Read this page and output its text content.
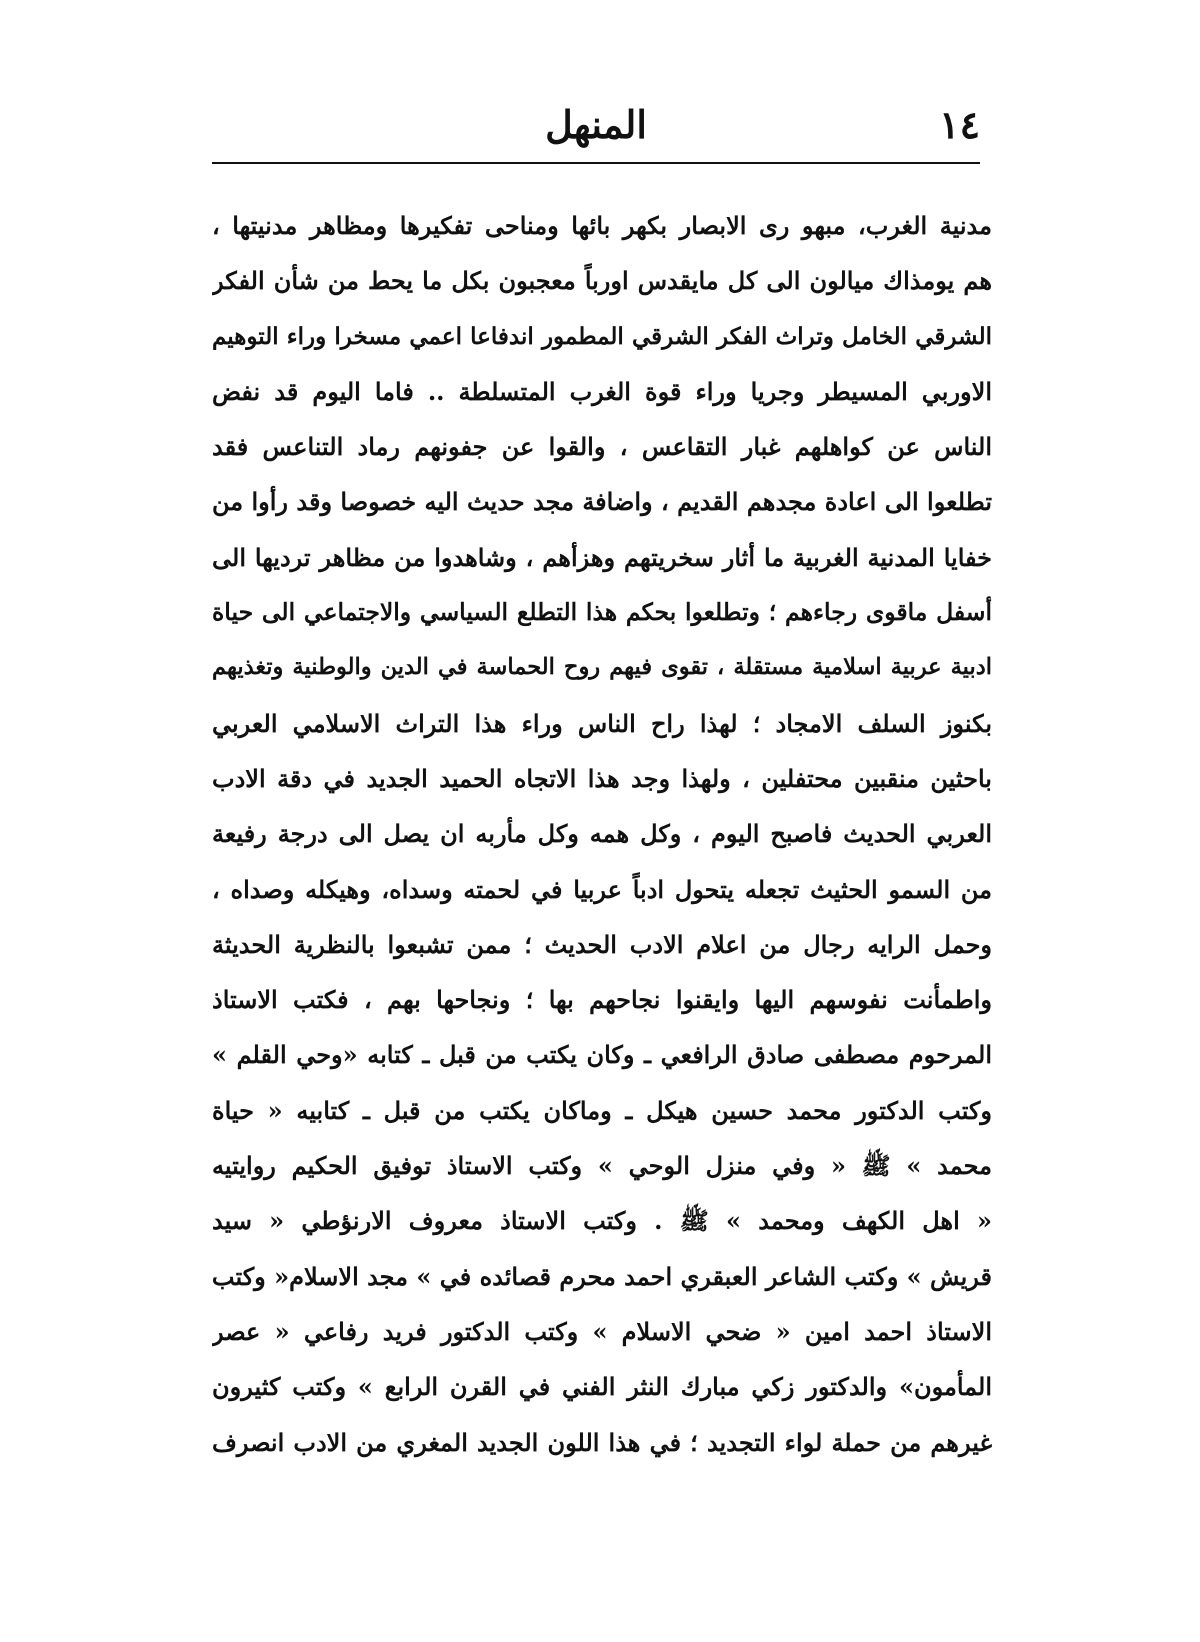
١٤
المنهل
مدنية الغرب، مبهو ری الابصار بکهر بائها ومناحی تفکیرها ومظاهر مدنیتها ،
هم يومذاك ميالون الى كل مايقدس اورباً معجبون بكل ما يحط من شأن الفكر
الشرقي الخامل وتراث الفكر الشرقي المطمور اندفاعا اعمي مسخرا وراء التوهيم
الاوربي المسيطر وجريا وراء قوة الغرب المتسلطة .. فاما اليوم قد نفض
الناس عن كواهلهم غبار التقاعس ، والقوا عن جفونهم رماد التناعس فقد
تطلعوا الى اعادة مجدهم القديم ، واضافة مجد حديث اليه خصوصا وقد رأوا من
خفايا المدنية الغربية ما أثار سخريتهم وهزأهم ، وشاهدوا من مظاهر ترديها الى
أسفل ماقوى رجاءهم ؛ وتطلعوا بحكم هذا التطلع السياسي والاجتماعي الى حياة
ادبية عربية اسلامية مستقلة ، تقوى فيهم روح الحماسة في الدين والوطنية وتغذيهم
بكنوز السلف الامجاد ؛ لهذا راح الناس وراء هذا التراث الاسلامي العربي
باحثين منقبين محتفلين ، ولهذا وجد هذا الاتجاه الحميد الجديد في دقة الادب
العربي الحديث فاصبح اليوم ، وكل همه وكل مأربه ان يصل الى درجة رفيعة
من السمو الحثيث تجعله يتحول ادباً عربيا في لحمته وسداه، وهيكله وصداه ،
وحمل الرايه رجال من اعلام الادب الحديث ؛ ممن تشبعوا بالنظرية الحديثة
واطمأنت نفوسهم اليها وايقنوا نجاحهم بها ؛ ونجاحها بهم ، فكتب الاستاذ
المرحوم مصطفى صادق الرافعي ـ وكان يكتب من قبل ـ كتابه «وحي القلم »
وكتب الدكتور محمد حسين هيكل ـ وماكان يكتب من قبل ـ كتابيه « حياة
محمد » ﷺ « وفي منزل الوحي » وكتب الاستاذ توفيق الحكيم روايتيه
« اهل الكهف ومحمد » ﷺ . وكتب الاستاذ معروف الارنؤطي « سيد
قريش » وكتب الشاعر العبقري احمد محرم قصائده في » مجد الاسلام« وكتب
الاستاذ احمد امين « ضحي الاسلام » وكتب الدكتور فريد رفاعي « عصر
المأمون» والدكتور زكي مبارك النثر الفني في القرن الرابع » وكتب كثيرون
غيرهم من حملة لواء التجديد ؛ في هذا اللون الجديد المغري من الادب انصرف
